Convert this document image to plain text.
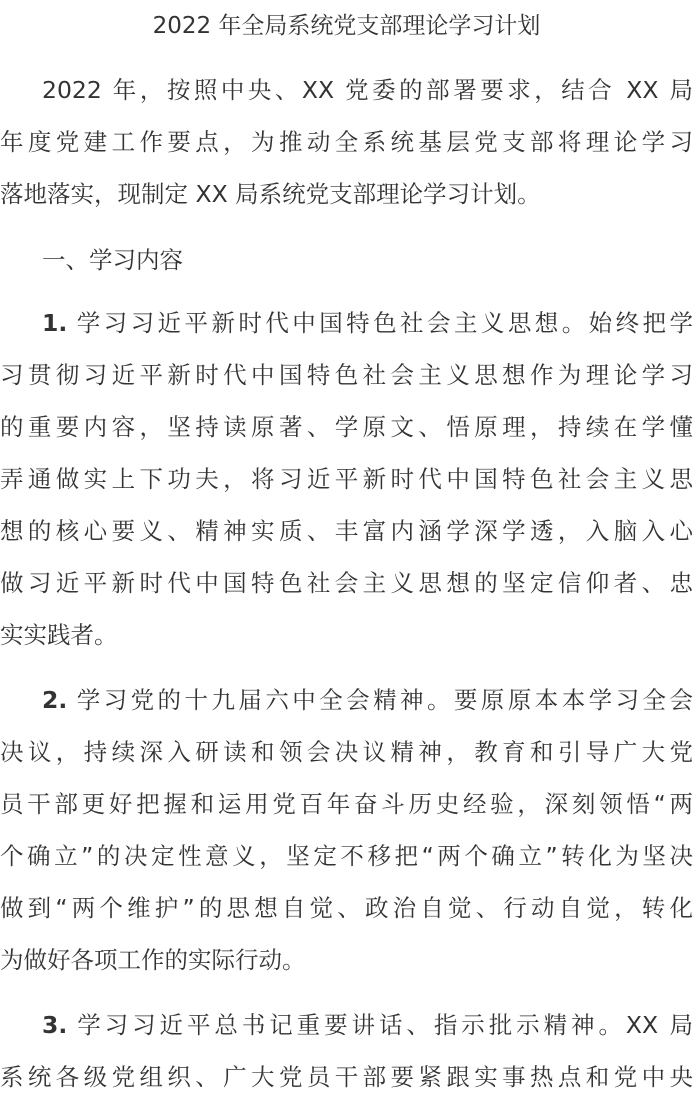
2022 年全局系统党支部理论学习计划
2022 年，按照中央、XX 党委的部署要求，结合 XX 局
年度党建工作要点，为推动全系统基层党支部将理论学习
落地落实，现制定 XX 局系统党支部理论学习计划。
一、学习内容
1. 学习习近平新时代中国特色社会主义思想。始终把学
习贯彻习近平新时代中国特色社会主义思想作为理论学习
的重要内容，坚持读原著、学原文、悟原理，持续在学懂
弄通做实上下功夫，将习近平新时代中国特色社会主义思
想的核心要义、精神实质、丰富内涵学深学透，入脑入心
做习近平新时代中国特色社会主义思想的坚定信仰者、忠
实实践者。
2. 学习党的十九届六中全会精神。要原原本本学习全会
决议，持续深入研读和领会决议精神，教育和引导广大党
员干部更好把握和运用党百年奋斗历史经验，深刻领悟“两
个确立”的决定性意义，坚定不移把“两个确立”转化为坚决
做到“两个维护”的思想自觉、政治自觉、行动自觉，转化
为做好各项工作的实际行动。
3. 学习习近平总书记重要讲话、指示批示精神。XX 局
系统各级党组织、广大党员干部要紧跟实事热点和党中央
